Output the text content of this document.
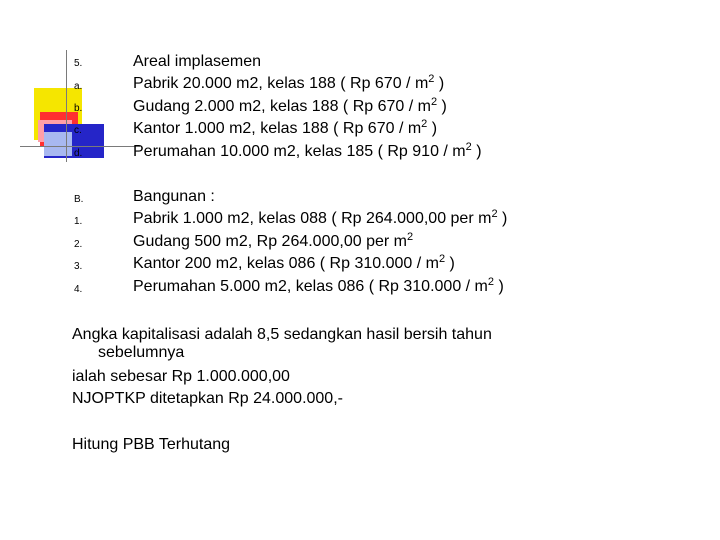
5.
a.
b.
c.
d.
Areal implasemen
Pabrik 20.000 m2, kelas 188 ( Rp $670 / m^2$ )
Gudang 2.000 m2, kelas 188 ( Rp $670 / m^2$ )
Kantor 1.000 m2, kelas 188 ( Rp $670 / m^2$ )
Perumahan 10.000 m2, kelas 185 ( Rp $910 / m^2$ )
B.
1.
2.
3.
4.
Bangunan :
Pabrik 1.000 m2, kelas 088 ( Rp 264.000,00 per $m^2$ )
Gudang 500 m2, Rp 264.000,00 per $m^2$
Kantor 200 m2, kelas 086 ( Rp $310.000 / m^2$ )
Perumahan 5.000 m2, kelas 086 ( Rp $310.000 / m^2$ )
Angka kapitalisasi adalah 8,5 sedangkan hasil bersih tahun
sebelumnya
ialah sebesar Rp 1.000.000,00
NJOPTKP ditetapkan Rp 24.000.000,-
Hitung PBB Terhutang
